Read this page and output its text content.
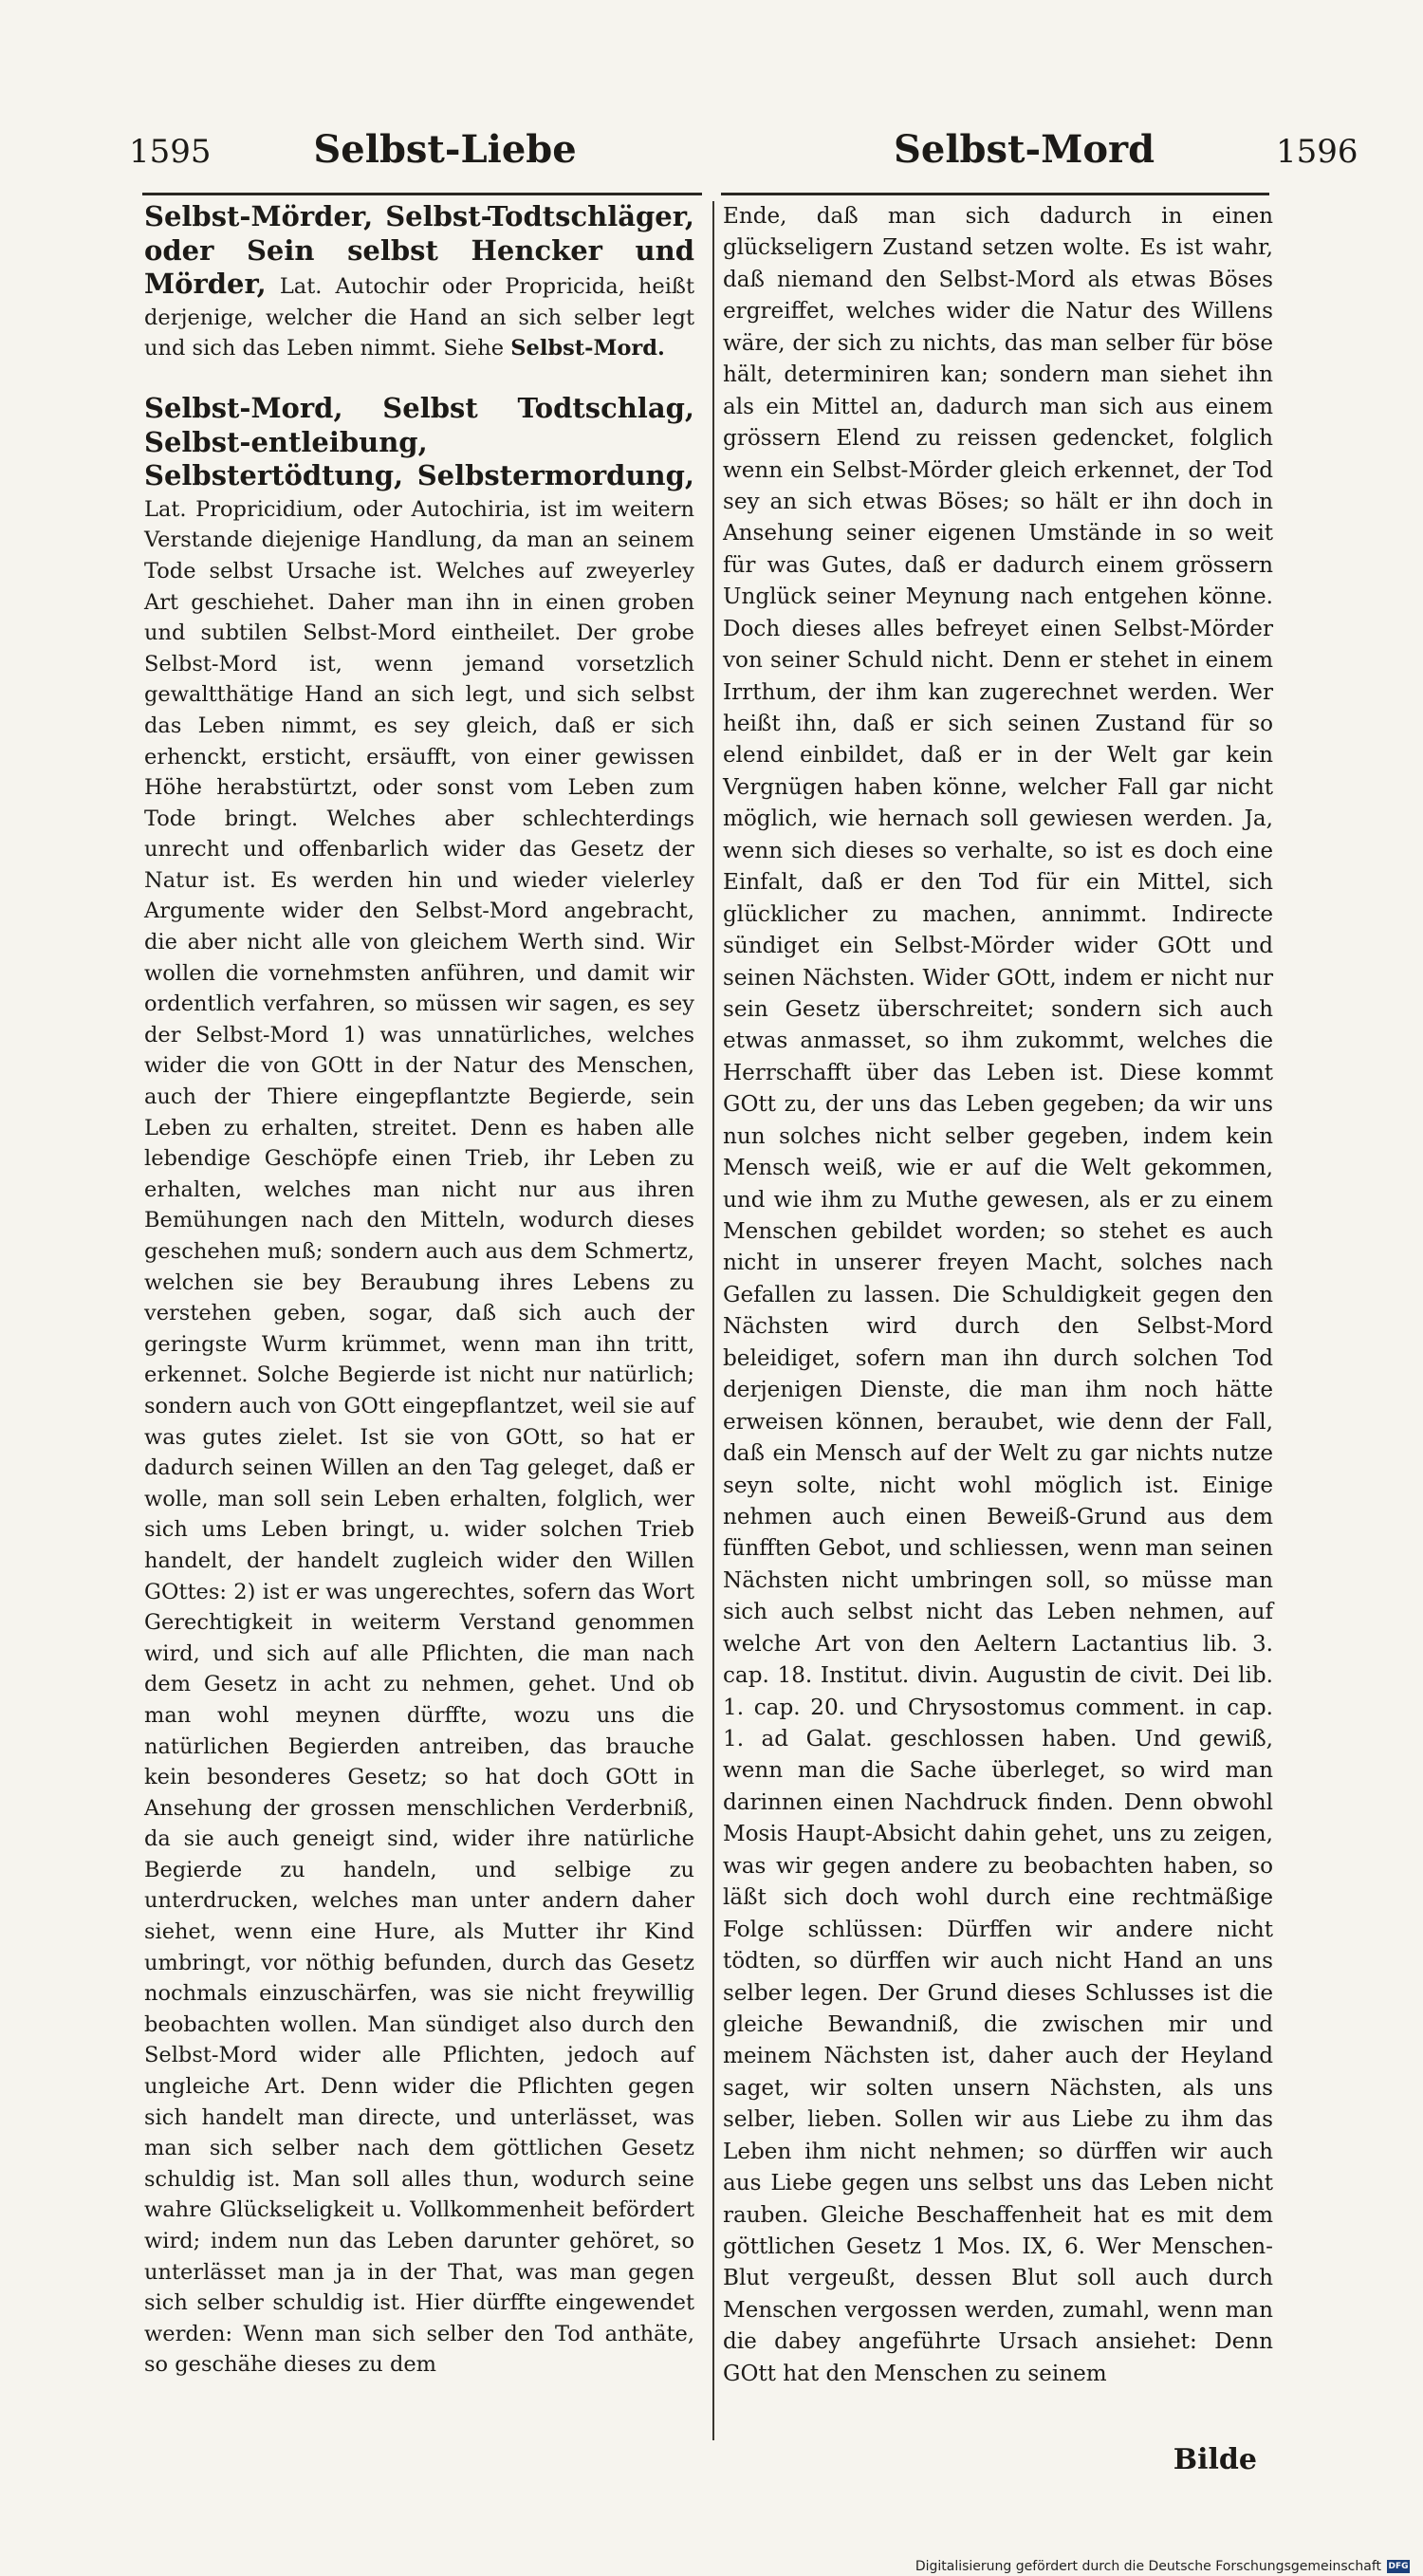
1595	Selbst-Liebe	Selbst-Mord	1596

Selbst-Mörder, Selbst-Todtschläger, oder Sein selbst Hencker und Mörder, Lat. Autochir oder Propricida, heißt derjenige, welcher die Hand an sich selber legt und sich das Leben nimmt. Siehe Selbst-Mord.

Selbst-Mord, Selbst Todtschlag, Selbst-entleibung, Selbstertödtung, Selbstermordung, Lat. Propricidium, oder Autochiria, ist im weitern Verstande diejenige Handlung, da man an seinem Tode selbst Ursache ist. Welches auf zweyerley Art geschiehet. Daher man ihn in einen groben und subtilen Selbst-Mord eintheilet. Der grobe Selbst-Mord ist, wenn jemand vorsetzlich gewaltthätige Hand an sich legt, und sich selbst das Leben nimmt, es sey gleich, daß er sich erhenckt, ersticht, ersäufft, von einer gewissen Höhe herabstürtzt, oder sonst vom Leben zum Tode bringt. Welches aber schlechterdings unrecht und offenbarlich wider das Gesetz der Natur ist. Es werden hin und wieder vielerley Argumente wider den Selbst-Mord angebracht, die aber nicht alle von gleichem Werth sind. Wir wollen die vornehmsten anführen, und damit wir ordentlich verfahren, so müssen wir sagen, es sey der Selbst-Mord 1) was unnatürliches, welches wider die von GOtt in der Natur des Menschen, auch der Thiere eingepflantzte Begierde, sein Leben zu erhalten, streitet. Denn es haben alle lebendige Geschöpfe einen Trieb, ihr Leben zu erhalten, welches man nicht nur aus ihren Bemühungen nach den Mitteln, wodurch dieses geschehen muß; sondern auch aus dem Schmertz, welchen sie bey Beraubung ihres Lebens zu verstehen geben, sogar, daß sich auch der geringste Wurm krümmet, wenn man ihn tritt, erkennet. Solche Begierde ist nicht nur natürlich; sondern auch von GOtt eingepflantzet, weil sie auf was gutes zielet. Ist sie von GOtt, so hat er dadurch seinen Willen an den Tag geleget, daß er wolle, man soll sein Leben erhalten, folglich, wer sich ums Leben bringt, u. wider solchen Trieb handelt, der handelt zugleich wider den Willen GOttes: 2) ist er was ungerechtes, sofern das Wort Gerechtigkeit in weiterm Verstand genommen wird, und sich auf alle Pflichten, die man nach dem Gesetz in acht zu nehmen, gehet. Und ob man wohl meynen dürffte, wozu uns die natürlichen Begierden antreiben, das brauche kein besonderes Gesetz; so hat doch GOtt in Ansehung der grossen menschlichen Verderbniß, da sie auch geneigt sind, wider ihre natürliche Begierde zu handeln, und selbige zu unterdrucken, welches man unter andern daher siehet, wenn eine Hure, als Mutter ihr Kind umbringt, vor nöthig befunden, durch das Gesetz nochmals einzuschärfen, was sie nicht freywillig beobachten wollen. Man sündiget also durch den Selbst-Mord wider alle Pflichten, jedoch auf ungleiche Art. Denn wider die Pflichten gegen sich handelt man directe, und unterlässet, was man sich selber nach dem göttlichen Gesetz schuldig ist. Man soll alles thun, wodurch seine wahre Glückseligkeit u. Vollkommenheit befördert wird; indem nun das Leben darunter gehöret, so unterlässet man ja in der That, was man gegen sich selber schuldig ist. Hier dürffte eingewendet werden: Wenn man sich selber den Tod anthäte, so geschähe dieses zu dem

Ende, daß man sich dadurch in einen glückseligern Zustand setzen wolte. Es ist wahr, daß niemand den Selbst-Mord als etwas Böses ergreiffet, welches wider die Natur des Willens wäre, der sich zu nichts, das man selber für böse hält, determiniren kan; sondern man siehet ihn als ein Mittel an, dadurch man sich aus einem grössern Elend zu reissen gedencket, folglich wenn ein Selbst-Mörder gleich erkennet, der Tod sey an sich etwas Böses; so hält er ihn doch in Ansehung seiner eigenen Umstände in so weit für was Gutes, daß er dadurch einem grössern Unglück seiner Meynung nach entgehen könne. Doch dieses alles befreyet einen Selbst-Mörder von seiner Schuld nicht. Denn er stehet in einem Irrthum, der ihm kan zugerechnet werden. Wer heißt ihn, daß er sich seinen Zustand für so elend einbildet, daß er in der Welt gar kein Vergnügen haben könne, welcher Fall gar nicht möglich, wie hernach soll gewiesen werden. Ja, wenn sich dieses so verhalte, so ist es doch eine Einfalt, daß er den Tod für ein Mittel, sich glücklicher zu machen, annimmt. Indirecte sündiget ein Selbst-Mörder wider GOtt und seinen Nächsten. Wider GOtt, indem er nicht nur sein Gesetz überschreitet; sondern sich auch etwas anmasset, so ihm zukommt, welches die Herrschafft über das Leben ist. Diese kommt GOtt zu, der uns das Leben gegeben; da wir uns nun solches nicht selber gegeben, indem kein Mensch weiß, wie er auf die Welt gekommen, und wie ihm zu Muthe gewesen, als er zu einem Menschen gebildet worden; so stehet es auch nicht in unserer freyen Macht, solches nach Gefallen zu lassen. Die Schuldigkeit gegen den Nächsten wird durch den Selbst-Mord beleidiget, sofern man ihn durch solchen Tod derjenigen Dienste, die man ihm noch hätte erweisen können, beraubet, wie denn der Fall, daß ein Mensch auf der Welt zu gar nichts nutze seyn solte, nicht wohl möglich ist. Einige nehmen auch einen Beweiß-Grund aus dem fünfften Gebot, und schliessen, wenn man seinen Nächsten nicht umbringen soll, so müsse man sich auch selbst nicht das Leben nehmen, auf welche Art von den Aeltern Lactantius lib. 3. cap. 18. Institut. divin. Augustin de civit. Dei lib. 1. cap. 20. und Chrysostomus comment. in cap. 1. ad Galat. geschlossen haben. Und gewiß, wenn man die Sache überleget, so wird man darinnen einen Nachdruck finden. Denn obwohl Mosis Haupt-Absicht dahin gehet, uns zu zeigen, was wir gegen andere zu beobachten haben, so läßt sich doch wohl durch eine rechtmäßige Folge schlüssen: Dürffen wir andere nicht tödten, so dürffen wir auch nicht Hand an uns selber legen. Der Grund dieses Schlusses ist die gleiche Bewandniß, die zwischen mir und meinem Nächsten ist, daher auch der Heyland saget, wir solten unsern Nächsten, als uns selber, lieben. Sollen wir aus Liebe zu ihm das Leben ihm nicht nehmen; so dürffen wir auch aus Liebe gegen uns selbst uns das Leben nicht rauben. Gleiche Beschaffenheit hat es mit dem göttlichen Gesetz 1 Mos. IX, 6. Wer Menschen-Blut vergeußt, dessen Blut soll auch durch Menschen vergossen werden, zumahl, wenn man die dabey angeführte Ursach ansiehet: Denn GOtt hat den Menschen zu seinem

Bilde
Digitalisierung gefördert durch die Deutsche Forschungsgemeinschaft DFG
